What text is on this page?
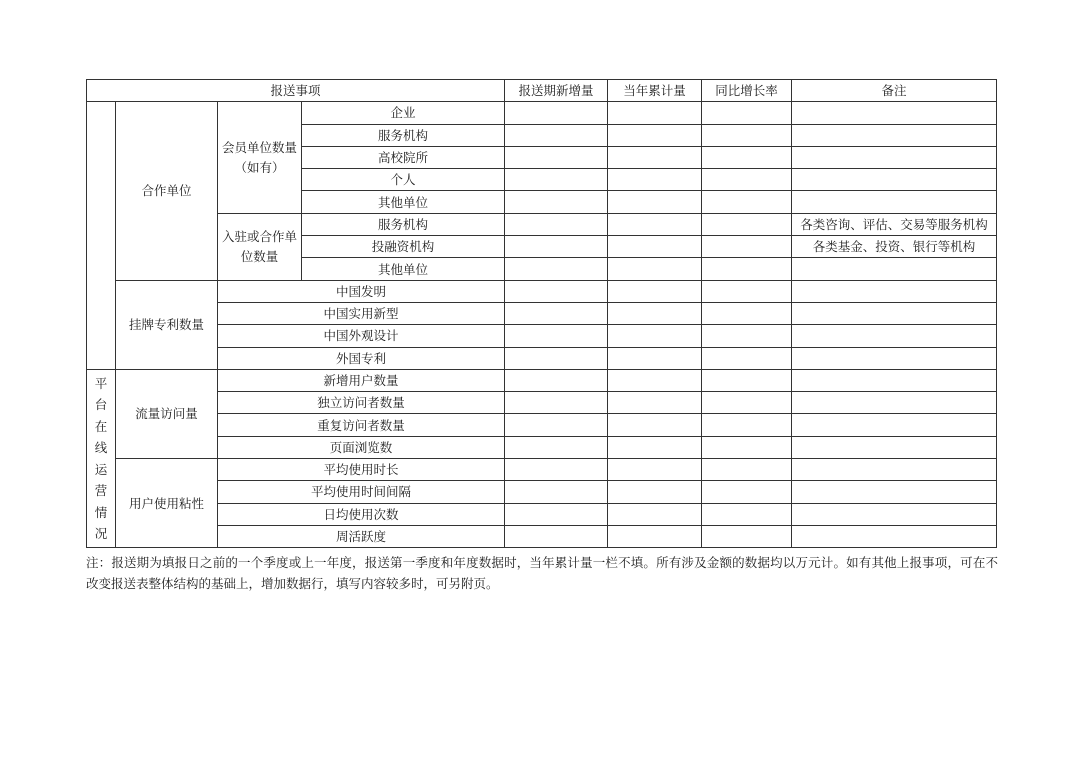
报送事项				报送期新增量	当年累计量	同比增长率	备注
	合作单位	会员单位数量（如有）	企业				
			服务机构				
			高校院所				
			个人				
			其他单位				
		入驻或合作单位数量	服务机构				各类咨询、评估、交易等服务机构
			投融资机构				各类基金、投资、银行等机构
			其他单位				
	挂牌专利数量	中国发明					
		中国实用新型					
		中国外观设计					
		外国专利					
平台在线运营情况	流量访问量	新增用户数量					
		独立访问者数量					
		重复访问者数量					
		页面浏览数					
	用户使用粘性	平均使用时长					
		平均使用时间间隔					
		日均使用次数					
		周活跃度					
注：报送期为填报日之前的一个季度或上一年度，报送第一季度和年度数据时，当年累计量一栏不填。所有涉及金额的数据均以万元计。如有其他上报事项，可在不改变报送表整体结构的基础上，增加数据行，填写内容较多时，可另附页。
